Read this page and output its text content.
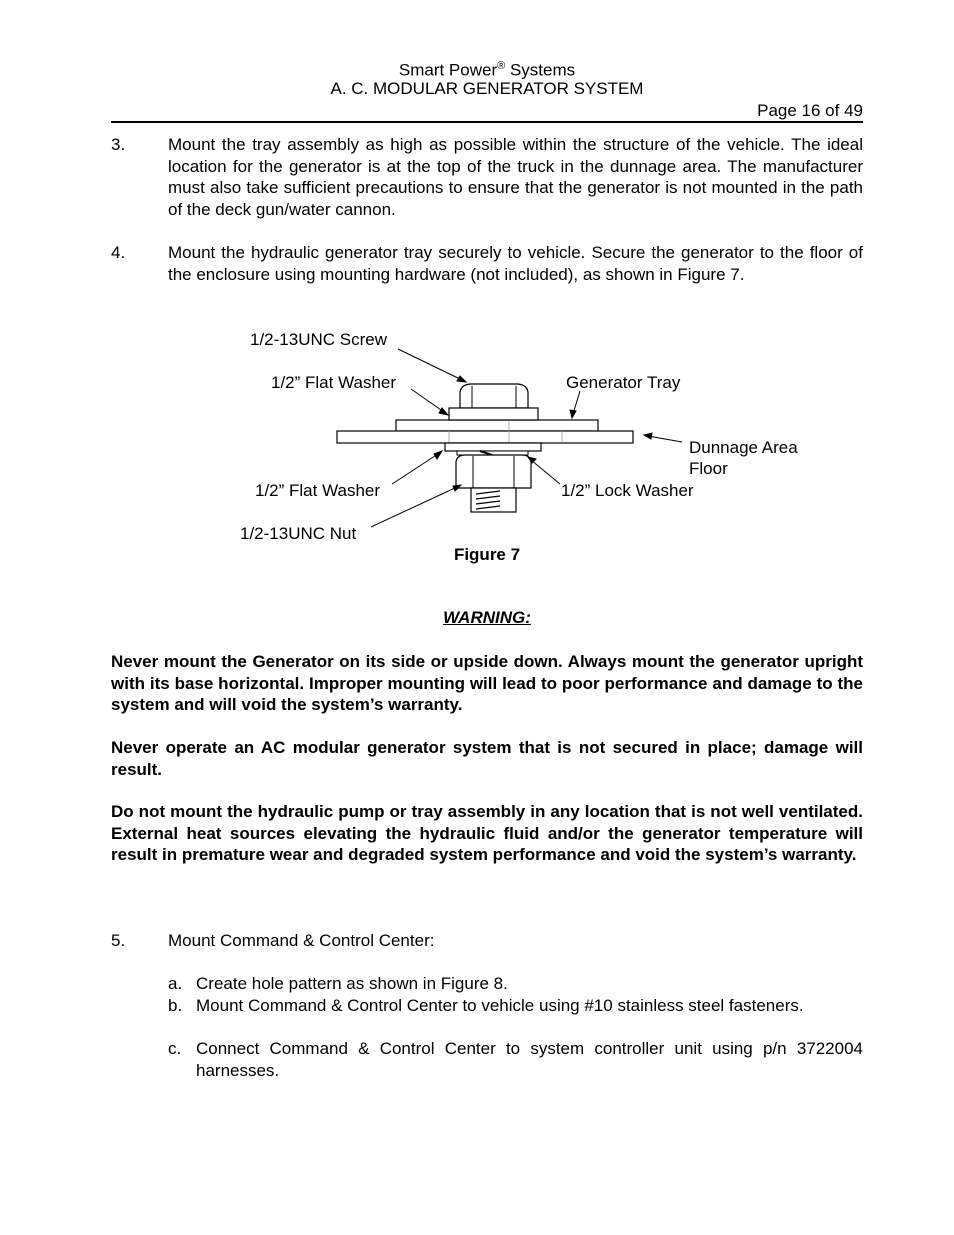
Smart Power® Systems
A. C. MODULAR GENERATOR SYSTEM
Page 16 of 49
3.	Mount the tray assembly as high as possible within the structure of the vehicle. The ideal location for the generator is at the top of the truck in the dunnage area. The manufacturer must also take sufficient precautions to ensure that the generator is not mounted in the path of the deck gun/water cannon.
4.	Mount the hydraulic generator tray securely to vehicle. Secure the generator to the floor of the enclosure using mounting hardware (not included), as shown in Figure 7.
1/2-13UNC Screw
1/2” Flat Washer	Generator Tray
Dunnage Area
Floor
1/2” Flat Washer	1/2” Lock Washer
1/2-13UNC Nut
Figure 7
WARNING:
Never mount the Generator on its side or upside down. Always mount the generator upright with its base horizontal. Improper mounting will lead to poor performance and damage to the system and will void the system’s warranty.
Never operate an AC modular generator system that is not secured in place; damage will result.
Do not mount the hydraulic pump or tray assembly in any location that is not well ventilated. External heat sources elevating the hydraulic fluid and/or the generator temperature will result in premature wear and degraded system performance and void the system’s warranty.
5.	Mount Command & Control Center:
a. Create hole pattern as shown in Figure 8.
b. Mount Command & Control Center to vehicle using #10 stainless steel fasteners.
c. Connect Command & Control Center to system controller unit using p/n 3722004 harnesses.
